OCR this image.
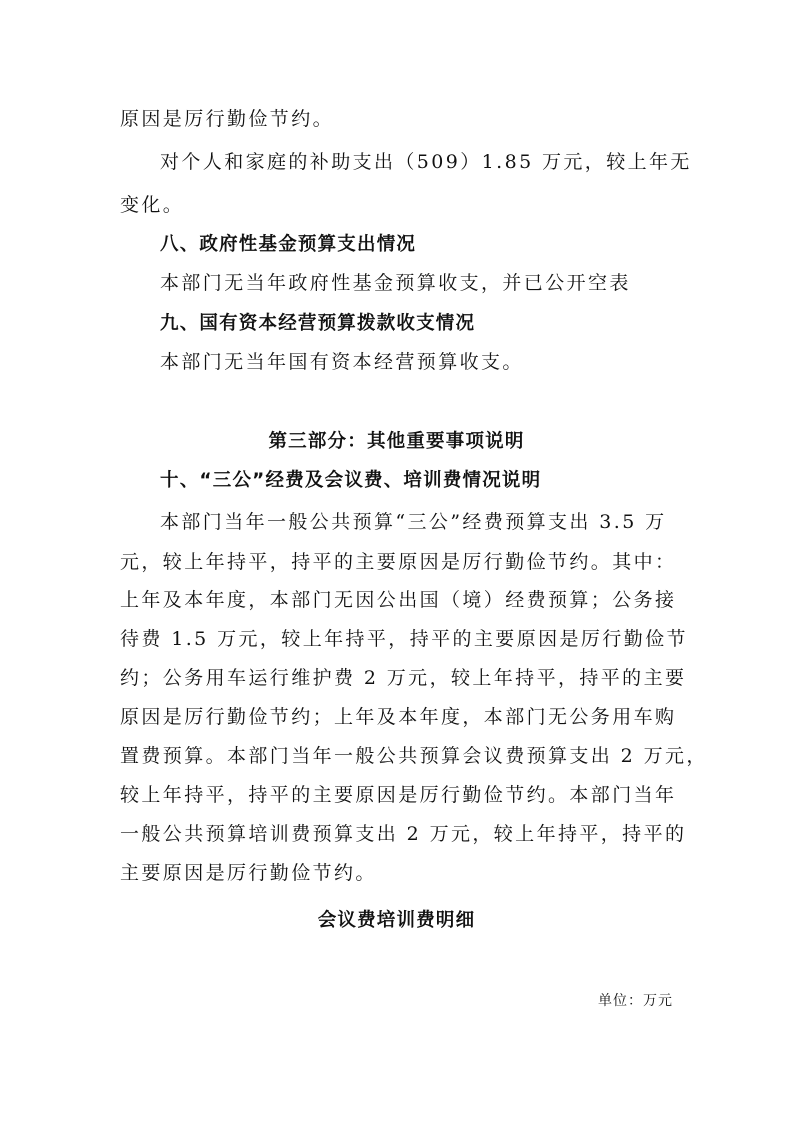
原因是厉行勤俭节约。
对个人和家庭的补助支出（509）1.85 万元，较上年无
变化。
八、政府性基金预算支出情况
本部门无当年政府性基金预算收支，并已公开空表
九、国有资本经营预算拨款收支情况
本部门无当年国有资本经营预算收支。
第三部分：其他重要事项说明
十、“三公”经费及会议费、培训费情况说明
本部门当年一般公共预算“三公”经费预算支出 3.5 万
元，较上年持平，持平的主要原因是厉行勤俭节约。其中：
上年及本年度，本部门无因公出国（境）经费预算；公务接
待费 1.5 万元，较上年持平，持平的主要原因是厉行勤俭节
约；公务用车运行维护费 2 万元，较上年持平，持平的主要
原因是厉行勤俭节约；上年及本年度，本部门无公务用车购
置费预算。本部门当年一般公共预算会议费预算支出 2 万元，
较上年持平，持平的主要原因是厉行勤俭节约。本部门当年
一般公共预算培训费预算支出 2 万元，较上年持平，持平的
主要原因是厉行勤俭节约。
会议费培训费明细
单位：万元
